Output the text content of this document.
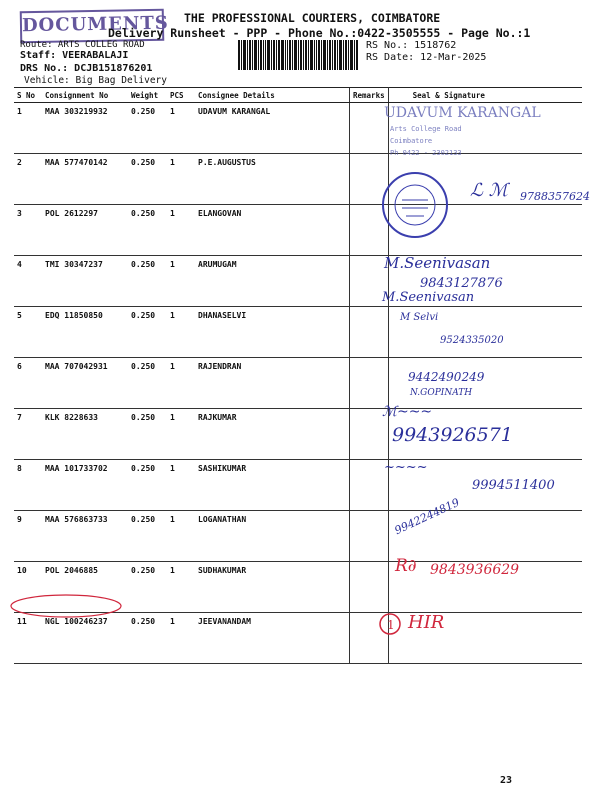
DOCUMENTS THE PROFESSIONAL COURIERS, COIMBATORE
Delivery Runsheet - PPP - Phone No.:0422-3505555 - Page No.:1
Route: ARTS COLLEG ROAD
Staff: VEERABALAJI
DRS No.: DCJB151876201
Vehicle: Big Bag Delivery
RS No.: 1518762
RS Date: 12-Mar-2025
S No	Consignment No	Weight	PCS	Consignee Details	Remarks	Seal & Signature
1	MAA 303219932	0.250	1	UDAVUM KARANGAL		
2	MAA 577470142	0.250	1	P.E.AUGUSTUS		
3	POL 2612297	0.250	1	ELANGOVAN		
4	TMI 30347237	0.250	1	ARUMUGAM		
5	EDQ 11850850	0.250	1	DHANASELVI		
6	MAA 707042931	0.250	1	RAJENDRAN		
7	KLK 8228633	0.250	1	RAJKUMAR		
8	MAA 101733702	0.250	1	SASHIKUMAR		
9	MAA 576863733	0.250	1	LOGANATHAN		
10	POL 2046885	0.250	1	SUDHAKUMAR		
11	NGL 100246237	0.250	1	JEEVANANDAM		
UDAVUM KARANGAL
Arts College Road
Coimbatore
Ph 0422 - 2302133
ℒ ℳ 9788357624
M.Seenivasan
9843127876
M.Seenivasan
M Selvi
9524335020
9442490249
N.GOPINATH
ℳ~~~
9943926571
~~~~
9994511400
9942244819
R∂ 9843936629
1 HIR
23
